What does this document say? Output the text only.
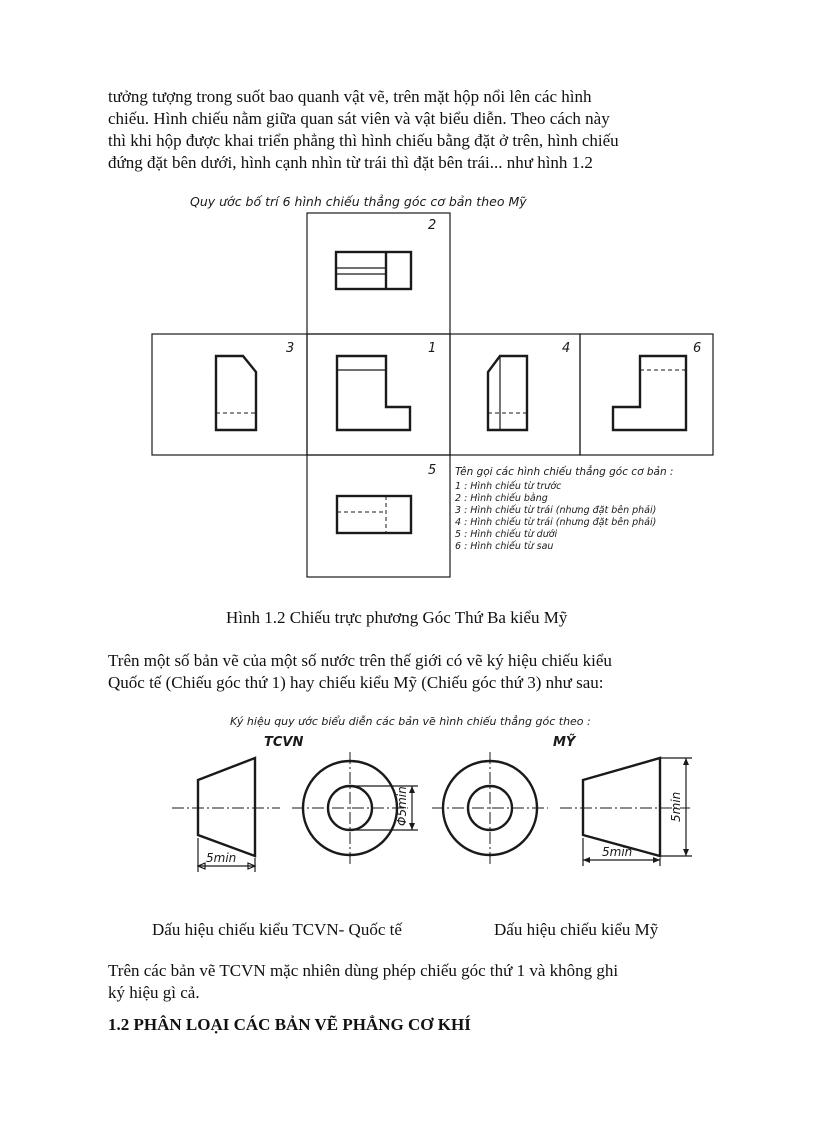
tưởng tượng trong suốt bao quanh vật vẽ, trên mặt hộp nổi lên các hình
chiếu. Hình chiếu nằm giữa quan sát viên và vật biểu diễn. Theo cách này
thì khi hộp được khai triển phẳng thì hình chiếu bằng đặt ở trên, hình chiếu
đứng đặt bên dưới, hình cạnh nhìn từ trái thì đặt bên trái... như hình 1.2
Quy ước bố trí 6 hình chiếu thẳng góc cơ bản theo Mỹ
2
3	1	4	6
5 Tên gọi các hình chiếu thẳng góc cơ bản :
1 : Hình chiếu từ trước
2 : Hình chiếu bằng
3 : Hình chiếu từ trái (nhưng đặt bên phải)
4 : Hình chiếu từ trái (nhưng đặt bên phải)
5 : Hình chiếu từ dưới
6 : Hình chiếu từ sau
Hình 1.2 Chiếu trực phương Góc Thứ Ba kiểu Mỹ
Trên một số bản vẽ của một số nước trên thế giới có vẽ ký hiệu chiếu kiểu
Quốc tế (Chiếu góc thứ 1) hay chiếu kiểu Mỹ (Chiếu góc thứ 3) như sau:
Ký hiệu quy ước biểu diễn các bản vẽ hình chiếu thẳng góc theo :
TCVN	MỸ
5min
Φ5min
5min
5min
Dấu hiệu chiếu kiểu TCVN- Quốc tế	Dấu hiệu chiếu kiểu Mỹ
Trên các bản vẽ TCVN mặc nhiên dùng phép chiếu góc thứ 1 và không ghi
ký hiệu gì cả.
1.2 PHÂN LOẠI CÁC BẢN VẼ PHẲNG CƠ KHÍ
